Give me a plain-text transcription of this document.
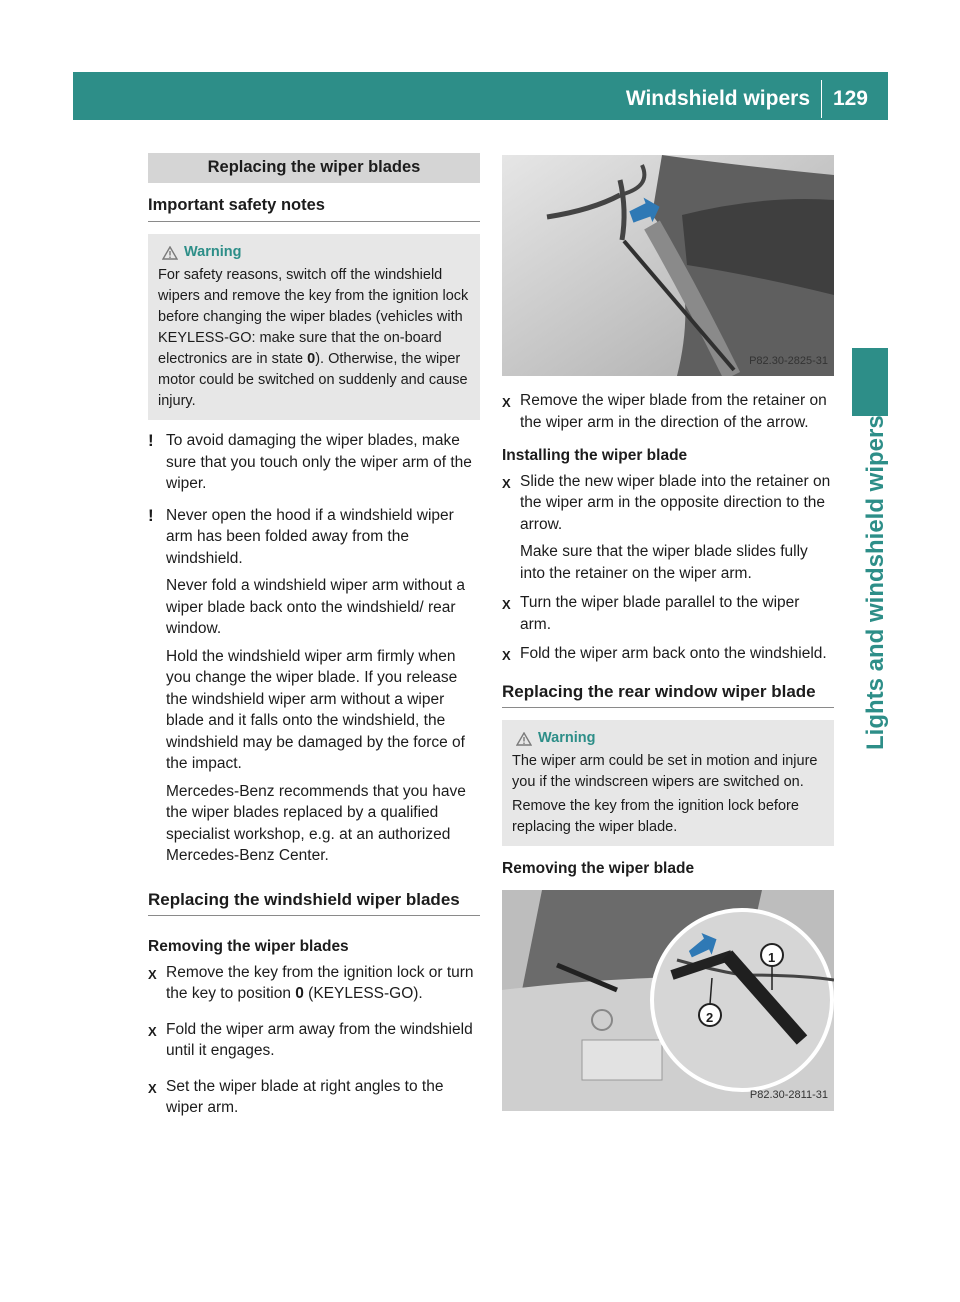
Windshield wipers 129
Lights and windshield wipers
Replacing the wiper blades
Important safety notes
Warning
For safety reasons, switch off the windshield wipers and remove the key from the ignition lock before changing the wiper blades (vehicles with KEYLESS-GO: make sure that the on-board electronics are in state 0). Otherwise, the wiper motor could be switched on suddenly and cause injury.
! To avoid damaging the wiper blades, make sure that you touch only the wiper arm of the wiper.

! Never open the hood if a windshield wiper arm has been folded away from the windshield.

Never fold a windshield wiper arm without a wiper blade back onto the windshield/ rear window.

Hold the windshield wiper arm firmly when you change the wiper blade. If you release the windshield wiper arm without a wiper blade and it falls onto the windshield, the windshield may be damaged by the force of the impact.

Mercedes-Benz recommends that you have the wiper blades replaced by a qualified specialist workshop, e.g. at an authorized Mercedes-Benz Center.

Replacing the windshield wiper blades
Removing the wiper blades
X Remove the key from the ignition lock or turn the key to position 0 (KEYLESS-GO).

X Fold the wiper arm away from the windshield until it engages.

X Set the wiper blade at right angles to the wiper arm.

P82.30-2825-31
X Remove the wiper blade from the retainer on the wiper arm in the direction of the arrow.

Installing the wiper blade
X Slide the new wiper blade into the retainer on the wiper arm in the opposite direction to the arrow.

Make sure that the wiper blade slides fully into the retainer on the wiper arm.

X Turn the wiper blade parallel to the wiper arm.

X Fold the wiper arm back onto the windshield.

Replacing the rear window wiper blade
Warning

The wiper arm could be set in motion and injure you if the windscreen wipers are switched on.

Remove the key from the ignition lock before replacing the wiper blade.

Removing the wiper blade
1
2
P82.30-2811-31
